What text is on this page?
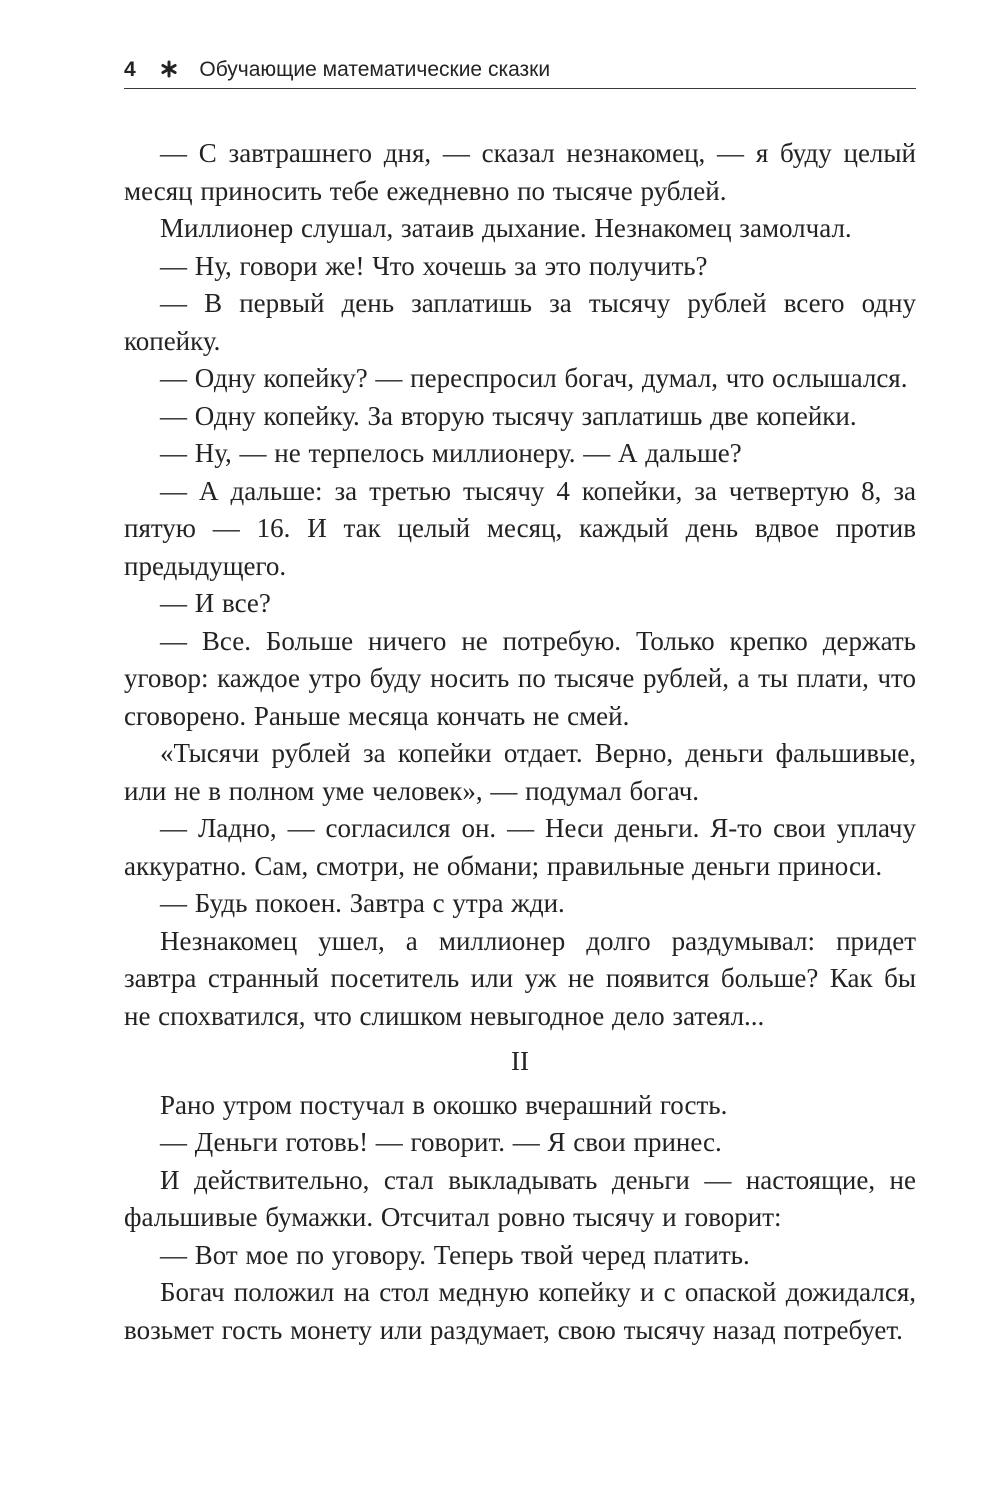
4	Обучающие математические сказки

— С завтрашнего дня, — сказал незнакомец, — я буду целый месяц приносить тебе ежедневно по тысяче рублей.

Миллионер слушал, затаив дыхание. Незнакомец замолчал.

— Ну, говори же! Что хочешь за это получить?

— В первый день заплатишь за тысячу рублей всего одну копейку.

— Одну копейку? — переспросил богач, думал, что ослышался.

— Одну копейку. За вторую тысячу заплатишь две копейки.

— Ну, — не терпелось миллионеру. — А дальше?

— А дальше: за третью тысячу 4 копейки, за четвертую 8, за пятую — 16. И так целый месяц, каждый день вдвое против предыдущего.

— И все?

— Все. Больше ничего не потребую. Только крепко держать уговор: каждое утро буду носить по тысяче рублей, а ты плати, что сговорено. Раньше месяца кончать не смей.

«Тысячи рублей за копейки отдает. Верно, деньги фальшивые, или не в полном уме человек», — подумал богач.

— Ладно, — согласился он. — Неси деньги. Я-то свои уплачу аккуратно. Сам, смотри, не обмани; правильные деньги приноси.

— Будь покоен. Завтра с утра жди.

Незнакомец ушел, а миллионер долго раздумывал: придет завтра странный посетитель или уж не появится больше? Как бы не спохватился, что слишком невыгодное дело затеял...

II

Рано утром постучал в окошко вчерашний гость.

— Деньги готовь! — говорит. — Я свои принес.

И действительно, стал выкладывать деньги — настоящие, не фальшивые бумажки. Отсчитал ровно тысячу и говорит:

— Вот мое по уговору. Теперь твой черед платить.

Богач положил на стол медную копейку и с опаской дожидался, возьмет гость монету или раздумает, свою тысячу назад потребует.
